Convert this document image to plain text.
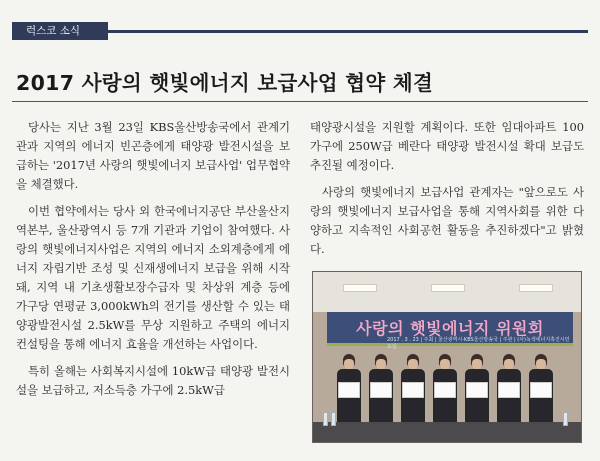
럭스코 소식
2017 사랑의 햇빛에너지 보급사업 협약 체결

당사는 지난 3월 23일 KBS울산방송국에서 관계기관과 지역의 에너지 빈곤층에게 태양광 발전시설을 보급하는 '2017년 사랑의 햇빛에너지 보급사업' 업무협약을 체결했다.

이번 협약에서는 당사 외 한국에너지공단 부산울산지역본부, 울산광역시 등 7개 기관과 기업이 참여했다. 사랑의 햇빛에너지사업은 지역의 에너지 소외계층에게 에너지 자립기반 조성 및 신재생에너지 보급을 위해 시작돼, 지역 내 기초생활보장수급자 및 차상위 계층 등에 가구당 연평균 3,000kWh의 전기를 생산할 수 있는 태양광발전시설 2.5kW를 무상 지원하고 주택의 에너지컨설팅을 통해 에너지 효율을 개선하는 사업이다.

특히 올해는 사회복지시설에 10kW급 태양광 발전시설을 보급하고, 저소득층 가구에 2.5kW급

태양광시설을 지원할 계획이다. 또한 임대아파트 100가구에 250W급 베란다 태양광 발전시설 확대 보급도 추진될 예정이다.

사랑의 햇빛에너지 보급사업 관계자는 "앞으로도 사랑의 햇빛에너지 보급사업을 통해 지역사회를 위한 다양하고 지속적인 사회공헌 활동을 추진하겠다"고 밝혔다.

사랑의 햇빛에너지 위원회
2017 . 3 . 23 | 주최 | 울산광역시·KBS울산방송국 | 주관 | (사)녹색에너지촉진시민포럼
